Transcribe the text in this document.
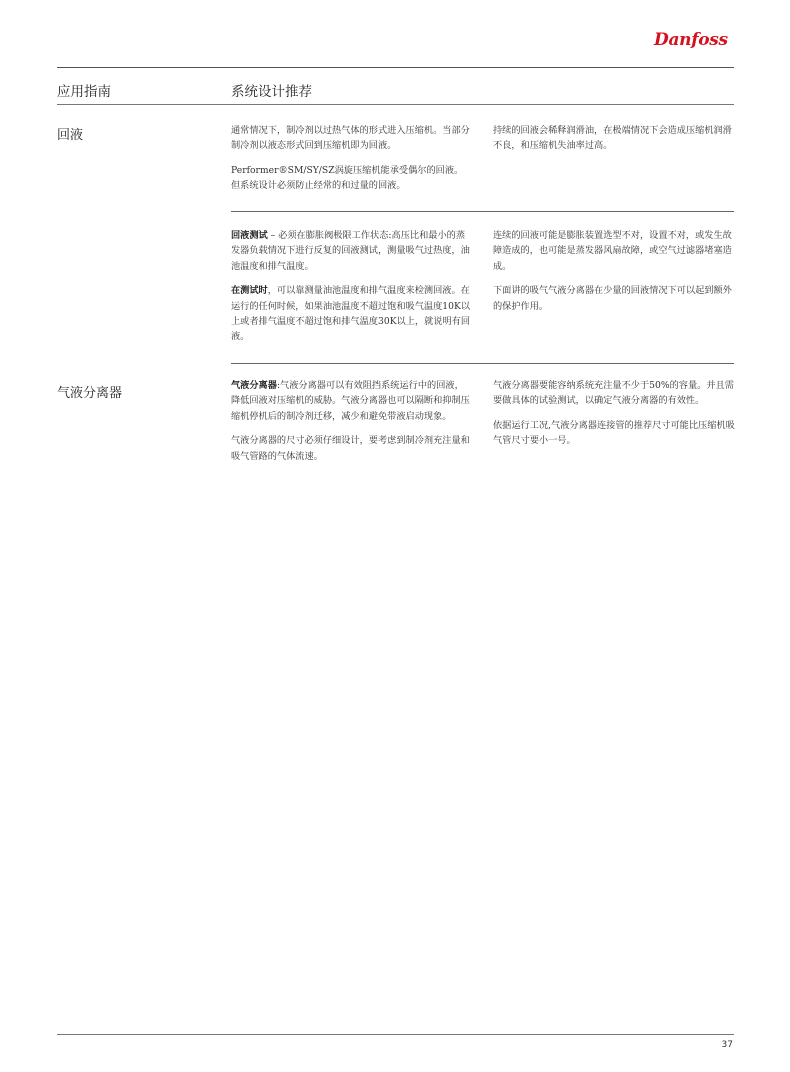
Danfoss
应用指南	系统设计推荐
回液	通常情况下，制冷剂以过热气体的形式进入压缩机。当部分制冷剂以液态形式回到压缩机即为回液。

Performer®SM/SY/SZ涡旋压缩机能承受偶尔的回液。但系统设计必须防止经常的和过量的回液。

持续的回液会稀释润滑油，在极端情况下会造成压缩机润滑不良，和压缩机失油率过高。

回液测试 – 必须在膨胀阀极限工作状态:高压比和最小的蒸发器负载情况下进行反复的回液测试，测量吸气过热度，油池温度和排气温度。

在测试时，可以靠测量油池温度和排气温度来检测回液。在运行的任何时候，如果油池温度不超过饱和吸气温度10K以上或者排气温度不超过饱和排气温度30K以上，就说明有回液。

连续的回液可能是膨胀装置选型不对，设置不对，或发生故障造成的，也可能是蒸发器风扇故障，或空气过滤器堵塞造成。

下面讲的吸气气液分离器在少量的回液情况下可以起到额外的保护作用。

气液分离器

气液分离器:气液分离器可以有效阻挡系统运行中的回液，降低回液对压缩机的威胁。气液分离器也可以隔断和抑制压缩机停机后的制冷剂迁移，减少和避免带液启动现象。

气液分离器的尺寸必须仔细设计，要考虑到制冷剂充注量和吸气管路的气体流速。

气液分离器要能容纳系统充注量不少于50%的容量。并且需要做具体的试验测试，以确定气液分离器的有效性。

依据运行工况,气液分离器连接管的推荐尺寸可能比压缩机吸气管尺寸要小一号。

37
